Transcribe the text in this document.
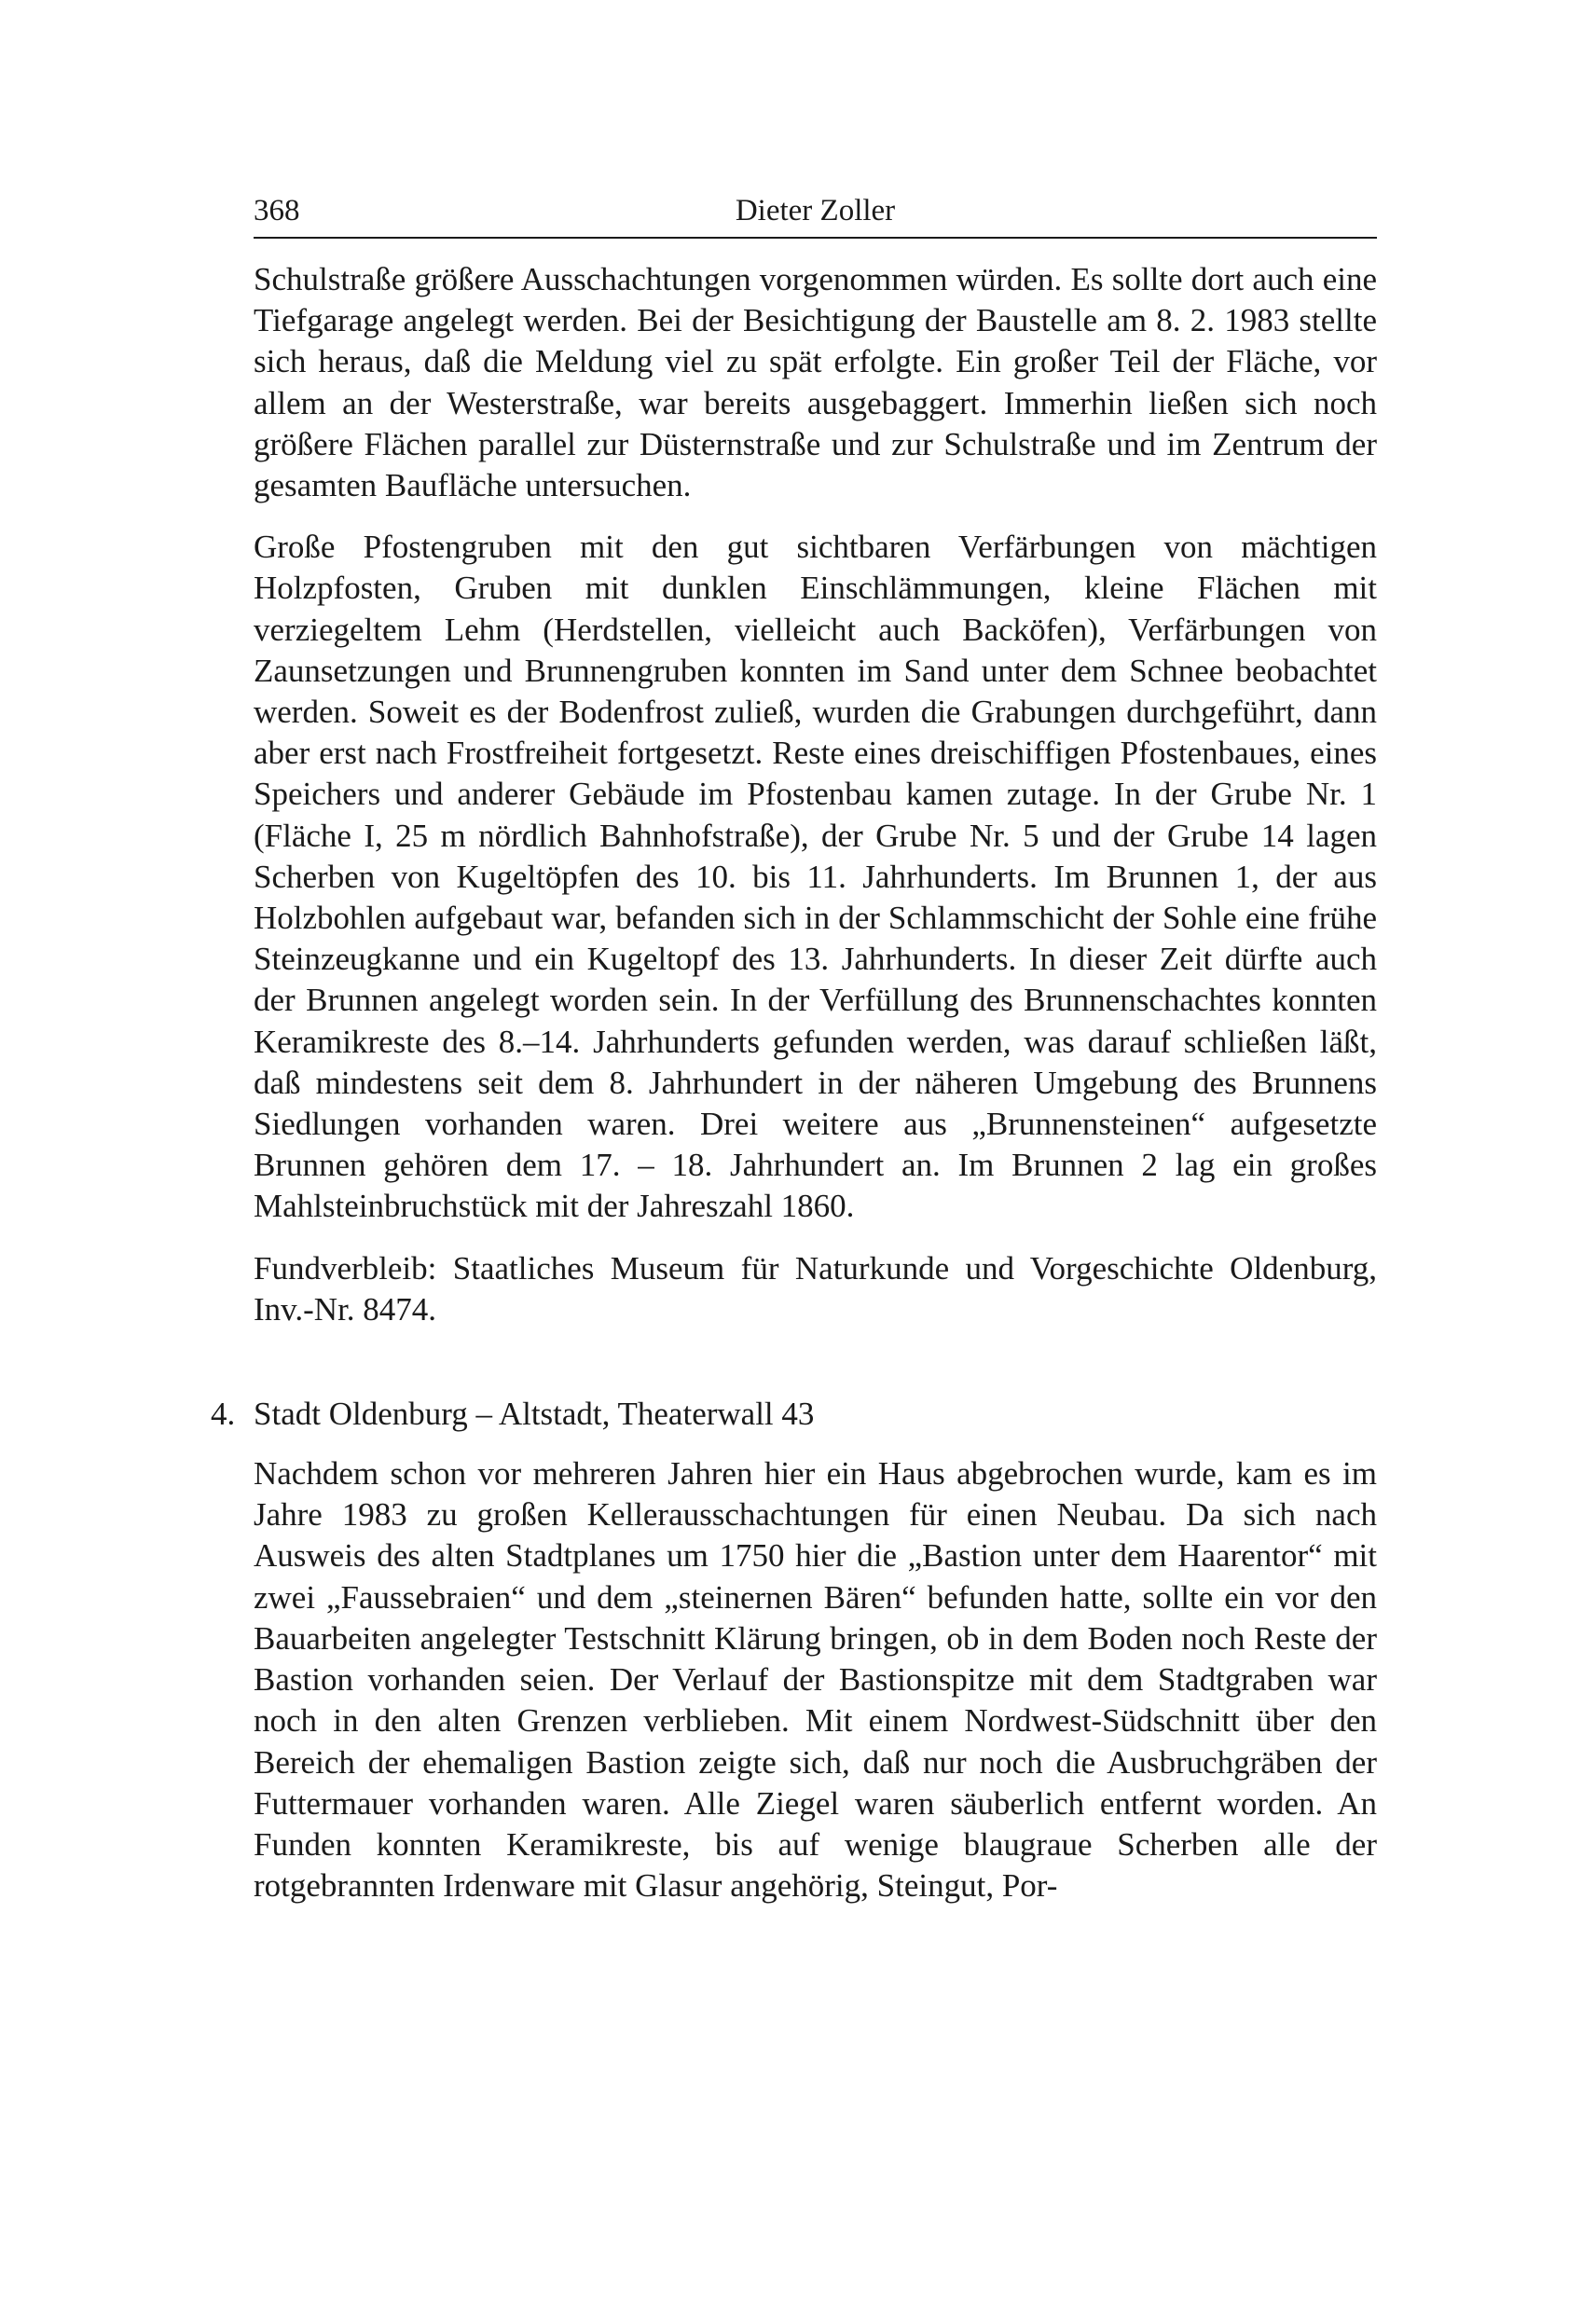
368	Dieter Zoller

Schulstraße größere Ausschachtungen vorgenommen würden. Es sollte dort auch eine Tiefgarage angelegt werden. Bei der Besichtigung der Baustelle am 8. 2. 1983 stellte sich heraus, daß die Meldung viel zu spät erfolgte. Ein großer Teil der Fläche, vor allem an der Westerstraße, war bereits ausgebaggert. Immerhin ließen sich noch größere Flächen parallel zur Düsternstraße und zur Schulstraße und im Zentrum der gesamten Baufläche untersuchen.

Große Pfostengruben mit den gut sichtbaren Verfärbungen von mächtigen Holzpfosten, Gruben mit dunklen Einschlämmungen, kleine Flächen mit verziegeltem Lehm (Herdstellen, vielleicht auch Backöfen), Verfärbungen von Zaunsetzungen und Brunnengruben konnten im Sand unter dem Schnee beobachtet werden. Soweit es der Bodenfrost zuließ, wurden die Grabungen durchgeführt, dann aber erst nach Frostfreiheit fortgesetzt. Reste eines dreischiffigen Pfostenbaues, eines Speichers und anderer Gebäude im Pfostenbau kamen zutage. In der Grube Nr. 1 (Fläche I, 25 m nördlich Bahnhofstraße), der Grube Nr. 5 und der Grube 14 lagen Scherben von Kugeltöpfen des 10. bis 11. Jahrhunderts. Im Brunnen 1, der aus Holzbohlen aufgebaut war, befanden sich in der Schlammschicht der Sohle eine frühe Steinzeugkanne und ein Kugeltopf des 13. Jahrhunderts. In dieser Zeit dürfte auch der Brunnen angelegt worden sein. In der Verfüllung des Brunnenschachtes konnten Keramikreste des 8.–14. Jahrhunderts gefunden werden, was darauf schließen läßt, daß mindestens seit dem 8. Jahrhundert in der näheren Umgebung des Brunnens Siedlungen vorhanden waren. Drei weitere aus „Brunnensteinen“ aufgesetzte Brunnen gehören dem 17. – 18. Jahrhundert an. Im Brunnen 2 lag ein großes Mahlsteinbruchstück mit der Jahreszahl 1860.

Fundverbleib: Staatliches Museum für Naturkunde und Vorgeschichte Oldenburg, Inv.-Nr. 8474.

4. Stadt Oldenburg – Altstadt, Theaterwall 43

Nachdem schon vor mehreren Jahren hier ein Haus abgebrochen wurde, kam es im Jahre 1983 zu großen Kellerausschachtungen für einen Neubau. Da sich nach Ausweis des alten Stadtplanes um 1750 hier die „Bastion unter dem Haarentor“ mit zwei „Faussebraien“ und dem „steinernen Bären“ befunden hatte, sollte ein vor den Bauarbeiten angelegter Testschnitt Klärung bringen, ob in dem Boden noch Reste der Bastion vorhanden seien. Der Verlauf der Bastionspitze mit dem Stadtgraben war noch in den alten Grenzen verblieben. Mit einem Nordwest-Südschnitt über den Bereich der ehemaligen Bastion zeigte sich, daß nur noch die Ausbruchgräben der Futtermauer vorhanden waren. Alle Ziegel waren säuberlich entfernt worden. An Funden konnten Keramikreste, bis auf wenige blaugraue Scherben alle der rotgebrannten Irdenware mit Glasur angehörig, Steingut, Por-
